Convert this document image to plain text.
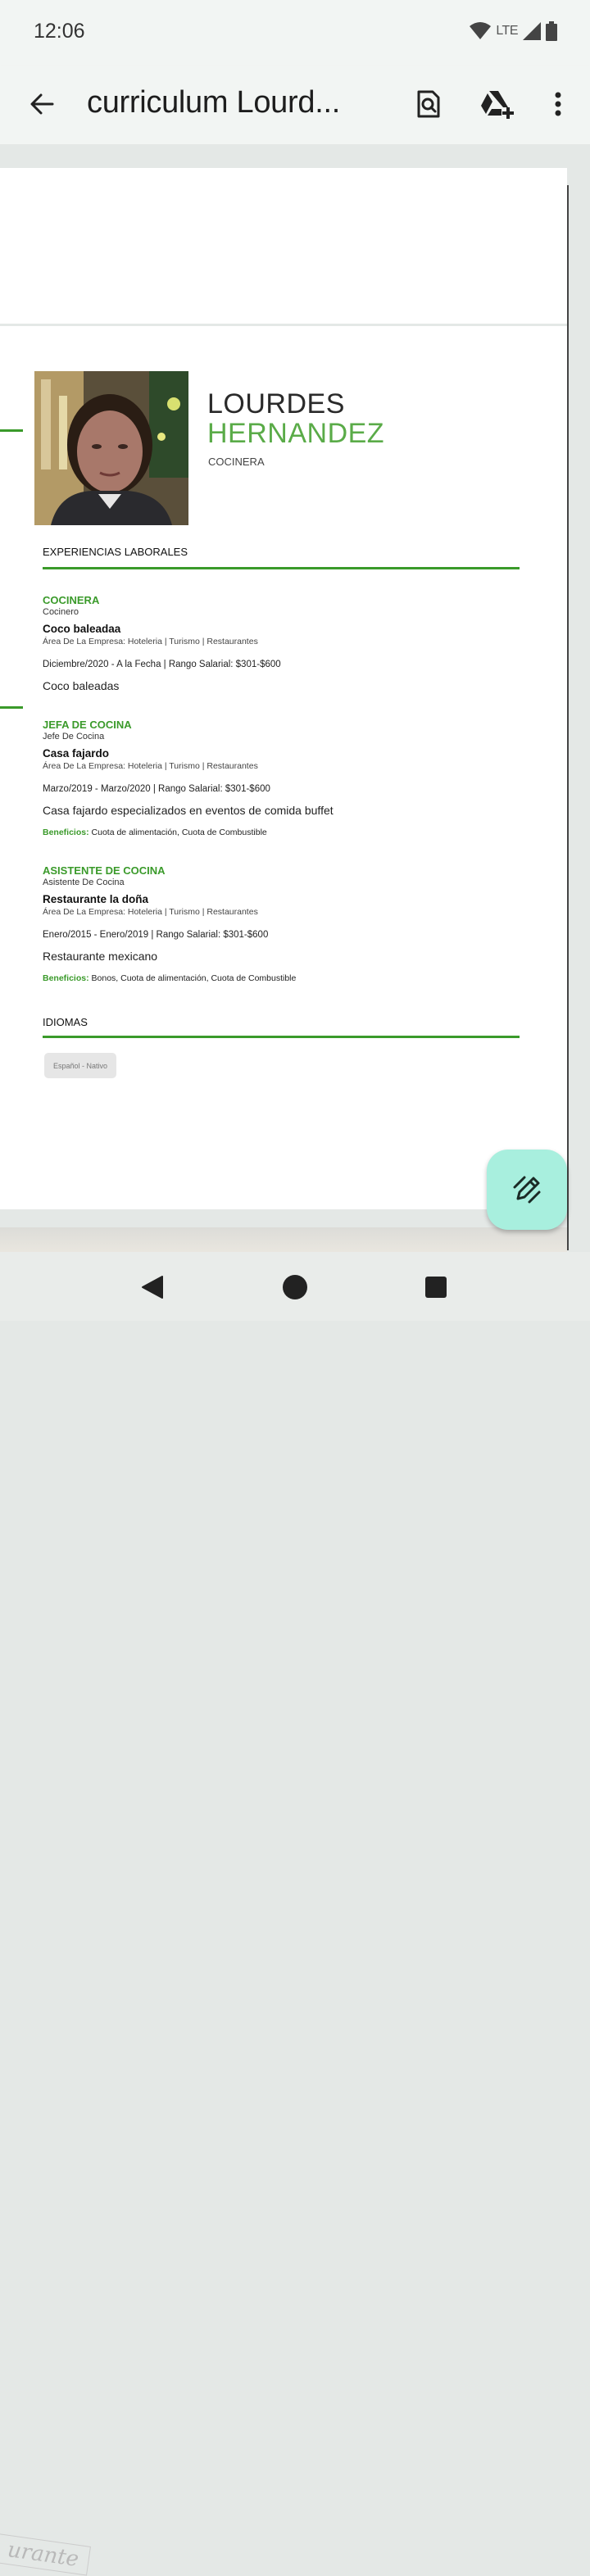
12:06	LTE
curriculum Lourd...
LOURDES
HERNANDEZ
COCINERA
EXPERIENCIAS LABORALES
COCINERA
Cocinero
Coco baleadaa
Área De La Empresa: Hoteleria | Turismo | Restaurantes
Diciembre/2020 - A la Fecha | Rango Salarial: $301-$600
Coco baleadas
JEFA DE COCINA
Jefe De Cocina
Casa fajardo
Área De La Empresa: Hoteleria | Turismo | Restaurantes
Marzo/2019 - Marzo/2020 | Rango Salarial: $301-$600
Casa fajardo especializados en eventos de comida buffet
Beneficios: Cuota de alimentación, Cuota de Combustible
ASISTENTE DE COCINA
Asistente De Cocina
Restaurante la doña
Área De La Empresa: Hoteleria | Turismo | Restaurantes
Enero/2015 - Enero/2019 | Rango Salarial: $301-$600
Restaurante mexicano
Beneficios: Bonos, Cuota de alimentación, Cuota de Combustible
IDIOMAS
Español - Nativo
urante
